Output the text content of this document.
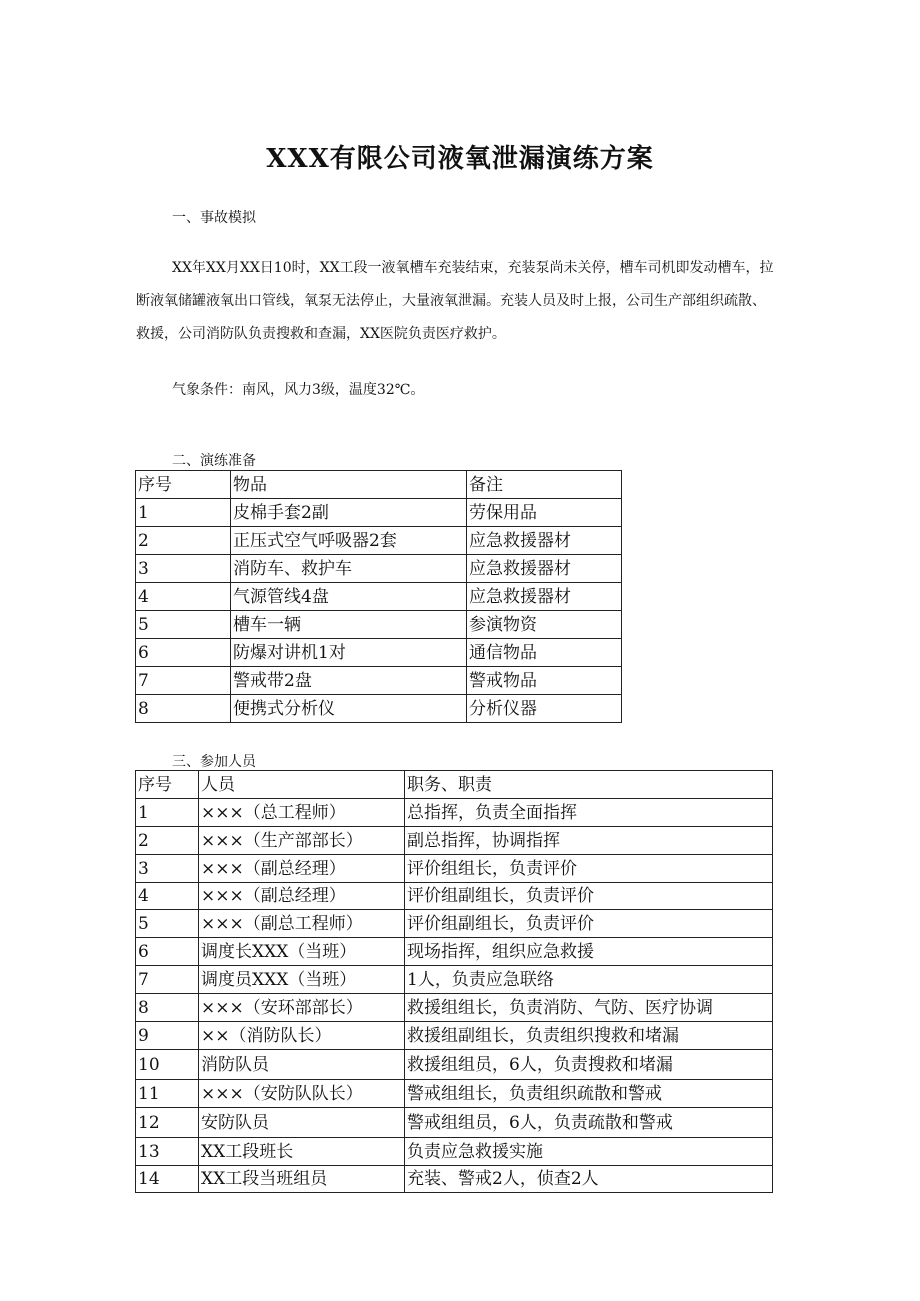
XXX有限公司液氧泄漏演练方案
一、事故模拟
XX年XX月XX日10时，XX工段一液氧槽车充装结束，充装泵尚未关停，槽车司机即发动槽车，拉断液氧储罐液氧出口管线，氧泵无法停止，大量液氧泄漏。充装人员及时上报，公司生产部组织疏散、救援，公司消防队负责搜救和查漏，XX医院负责医疗救护。
气象条件：南风，风力3级，温度32℃。
二、演练准备
序号	物品	备注
1	皮棉手套2副	劳保用品
2	正压式空气呼吸器2套	应急救援器材
3	消防车、救护车	应急救援器材
4	气源管线4盘	应急救援器材
5	槽车一辆	参演物资
6	防爆对讲机1对	通信物品
7	警戒带2盘	警戒物品
8	便携式分析仪	分析仪器
三、参加人员
序号	人员	职务、职责
1	×××（总工程师）	总指挥，负责全面指挥
2	×××（生产部部长）	副总指挥，协调指挥
3	×××（副总经理）	评价组组长，负责评价
4	×××（副总经理）	评价组副组长，负责评价
5	×××（副总工程师）	评价组副组长，负责评价
6	调度长XXX（当班）	现场指挥，组织应急救援
7	调度员XXX（当班）	1人，负责应急联络
8	×××（安环部部长）	救援组组长，负责消防、气防、医疗协调
9	××（消防队长）	救援组副组长，负责组织搜救和堵漏
10	消防队员	救援组组员，6人，负责搜救和堵漏
11	×××（安防队队长）	警戒组组长，负责组织疏散和警戒
12	安防队员	警戒组组员，6人，负责疏散和警戒
13	XX工段班长	负责应急救援实施
14	XX工段当班组员	充装、警戒2人，侦查2人
